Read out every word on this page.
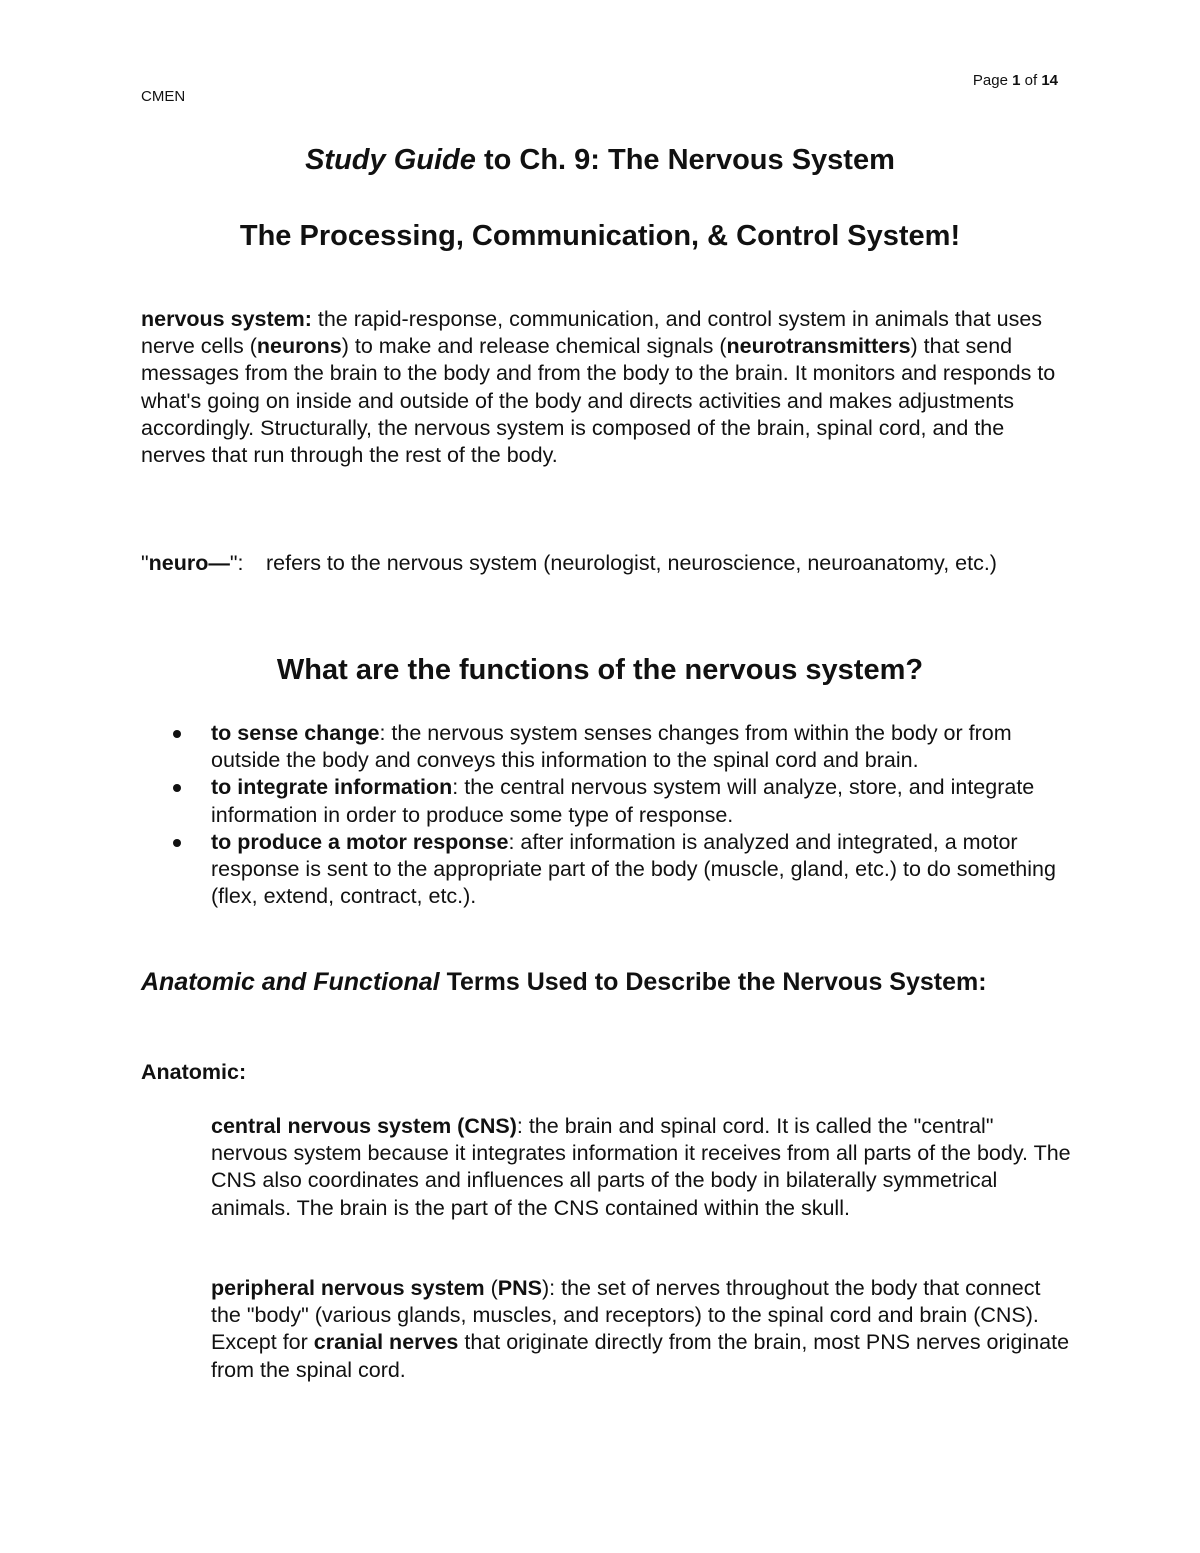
CMEN
Page 1 of 14
Study Guide to Ch. 9: The Nervous System
The Processing, Communication, & Control System!
nervous system: the rapid-response, communication, and control system in animals that uses nerve cells (neurons) to make and release chemical signals (neurotransmitters) that send messages from the brain to the body and from the body to the brain. It monitors and responds to what's going on inside and outside of the body and directs activities and makes adjustments accordingly. Structurally, the nervous system is composed of the brain, spinal cord, and the nerves that run through the rest of the body.
"neuro—": refers to the nervous system (neurologist, neuroscience, neuroanatomy, etc.)
What are the functions of the nervous system?
to sense change: the nervous system senses changes from within the body or from outside the body and conveys this information to the spinal cord and brain.
to integrate information: the central nervous system will analyze, store, and integrate information in order to produce some type of response.
to produce a motor response: after information is analyzed and integrated, a motor response is sent to the appropriate part of the body (muscle, gland, etc.) to do something (flex, extend, contract, etc.).
Anatomic and Functional Terms Used to Describe the Nervous System:
Anatomic:
central nervous system (CNS): the brain and spinal cord. It is called the "central" nervous system because it integrates information it receives from all parts of the body. The CNS also coordinates and influences all parts of the body in bilaterally symmetrical animals. The brain is the part of the CNS contained within the skull.
peripheral nervous system (PNS): the set of nerves throughout the body that connect the "body" (various glands, muscles, and receptors) to the spinal cord and brain (CNS). Except for cranial nerves that originate directly from the brain, most PNS nerves originate from the spinal cord.
